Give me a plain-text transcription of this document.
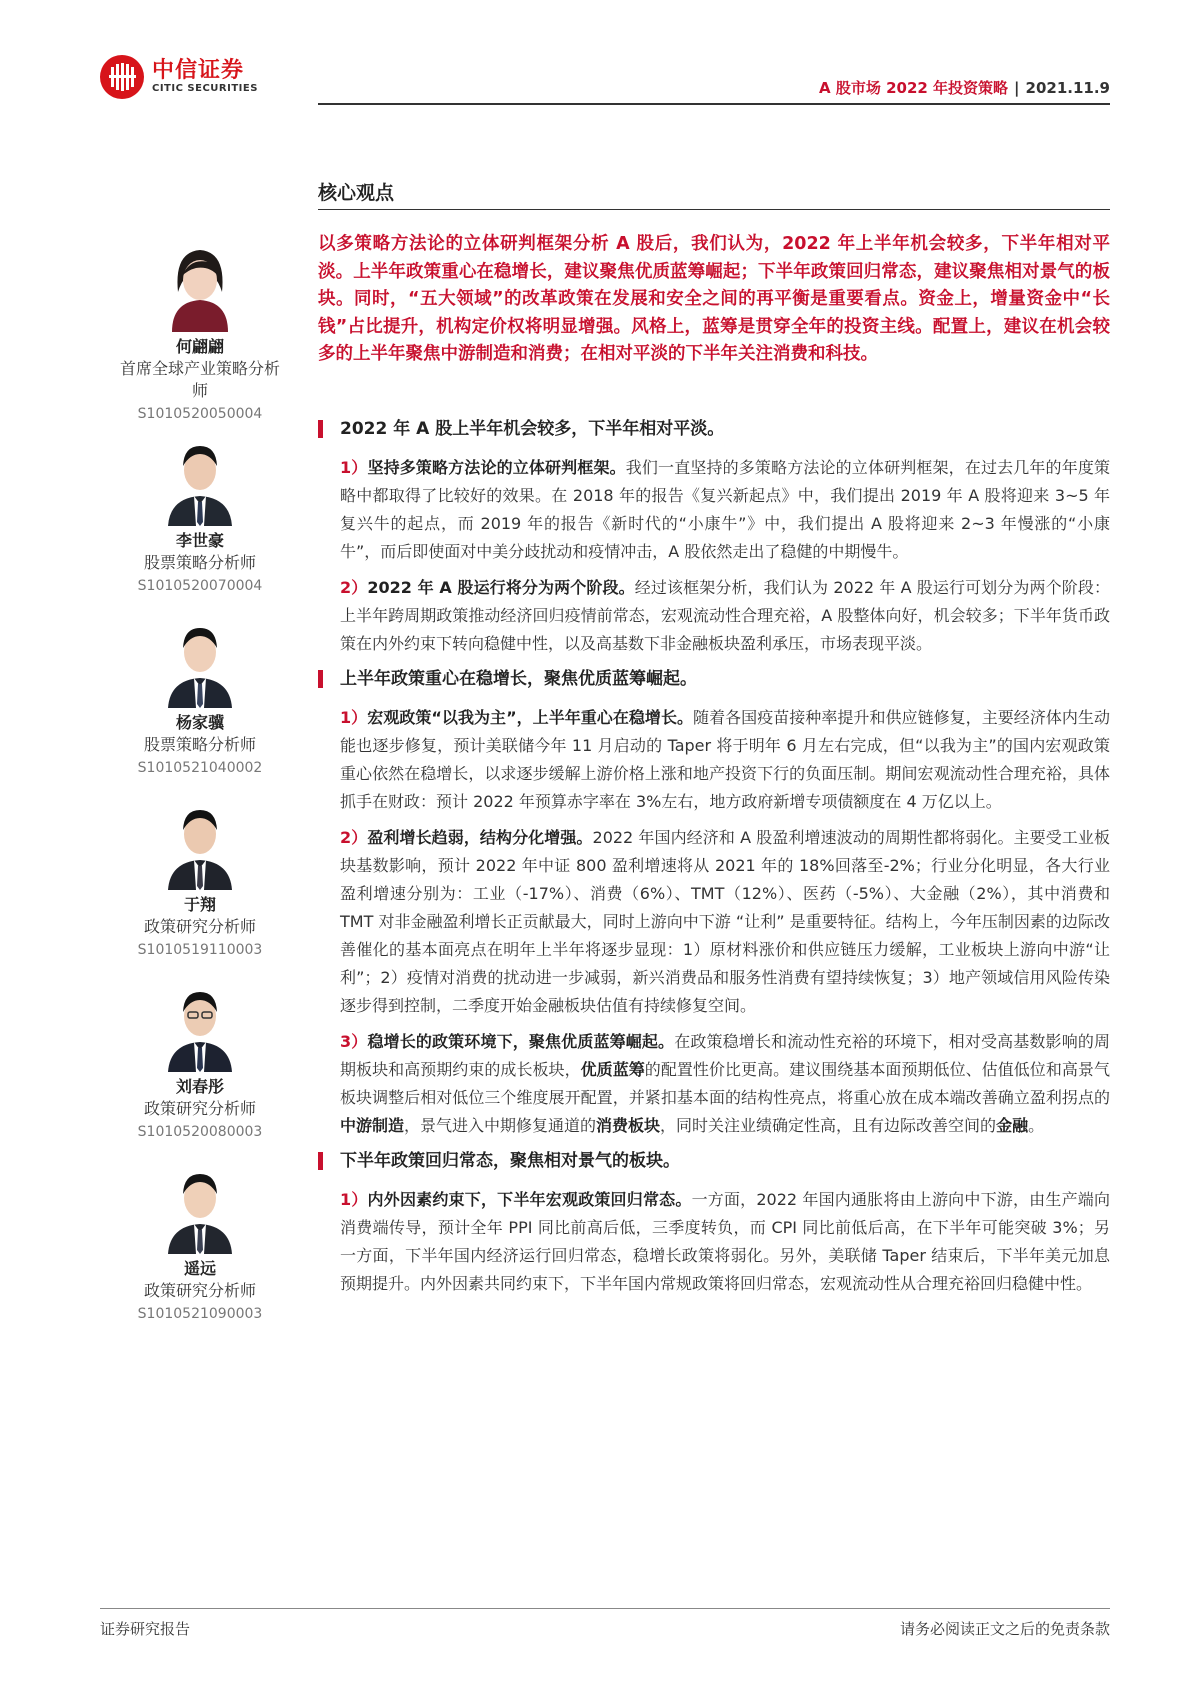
中信证券
CITIC SECURITIES	A 股市场 2022 年投资策略 | 2021.11.9
核心观点
以多策略方法论的立体研判框架分析 A 股后，我们认为，2022 年上半年机会较多，下半年相对平淡。上半年政策重心在稳增长，建议聚焦优质蓝筹崛起；下半年政策回归常态，建议聚焦相对景气的板块。同时，“五大领域”的改革政策在发展和安全之间的再平衡是重要看点。资金上，增量资金中“长钱”占比提升，机构定价权将明显增强。风格上，蓝筹是贯穿全年的投资主线。配置上，建议在机会较多的上半年聚焦中游制造和消费；在相对平淡的下半年关注消费和科技。
2022 年 A 股上半年机会较多，下半年相对平淡。

1）坚持多策略方法论的立体研判框架。我们一直坚持的多策略方法论的立体研判框架，在过去几年的年度策略中都取得了比较好的效果。在 2018 年的报告《复兴新起点》中，我们提出 2019 年 A 股将迎来 3~5 年复兴牛的起点，而 2019 年的报告《新时代的“小康牛”》中，我们提出 A 股将迎来 2~3 年慢涨的“小康牛”，而后即使面对中美分歧扰动和疫情冲击，A 股依然走出了稳健的中期慢牛。

2）2022 年 A 股运行将分为两个阶段。经过该框架分析，我们认为 2022 年 A 股运行可划分为两个阶段：上半年跨周期政策推动经济回归疫情前常态，宏观流动性合理充裕，A 股整体向好，机会较多；下半年货币政策在内外约束下转向稳健中性，以及高基数下非金融板块盈利承压，市场表现平淡。

上半年政策重心在稳增长，聚焦优质蓝筹崛起。

1）宏观政策“以我为主”，上半年重心在稳增长。随着各国疫苗接种率提升和供应链修复，主要经济体内生动能也逐步修复，预计美联储今年 11 月启动的 Taper 将于明年 6 月左右完成，但“以我为主”的国内宏观政策重心依然在稳增长，以求逐步缓解上游价格上涨和地产投资下行的负面压制。期间宏观流动性合理充裕，具体抓手在财政：预计 2022 年预算赤字率在 3%左右，地方政府新增专项债额度在 4 万亿以上。

2）盈利增长趋弱，结构分化增强。2022 年国内经济和 A 股盈利增速波动的周期性都将弱化。主要受工业板块基数影响，预计 2022 年中证 800 盈利增速将从 2021 年的 18%回落至-2%；行业分化明显，各大行业盈利增速分别为：工业（-17%）、消费（6%）、TMT（12%）、医药（-5%）、大金融（2%），其中消费和 TMT 对非金融盈利增长正贡献最大，同时上游向中下游 “让利” 是重要特征。结构上，今年压制因素的边际改善催化的基本面亮点在明年上半年将逐步显现：1）原材料涨价和供应链压力缓解，工业板块上游向中游“让利”；2）疫情对消费的扰动进一步减弱，新兴消费品和服务性消费有望持续恢复；3）地产领域信用风险传染逐步得到控制，二季度开始金融板块估值有持续修复空间。

3）稳增长的政策环境下，聚焦优质蓝筹崛起。在政策稳增长和流动性充裕的环境下，相对受高基数影响的周期板块和高预期约束的成长板块，优质蓝筹的配置性价比更高。建议围绕基本面预期低位、估值低位和高景气板块调整后相对低位三个维度展开配置，并紧扣基本面的结构性亮点，将重心放在成本端改善确立盈利拐点的中游制造，景气进入中期修复通道的消费板块，同时关注业绩确定性高，且有边际改善空间的金融。

下半年政策回归常态，聚焦相对景气的板块。

1）内外因素约束下，下半年宏观政策回归常态。一方面，2022 年国内通胀将由上游向中下游，由生产端向消费端传导，预计全年 PPI 同比前高后低，三季度转负，而 CPI 同比前低后高，在下半年可能突破 3%；另一方面，下半年国内经济运行回归常态，稳增长政策将弱化。另外，美联储 Taper 结束后，下半年美元加息预期提升。内外因素共同约束下，下半年国内常规政策将回归常态，宏观流动性从合理充裕回归稳健中性。

何翩翩
首席全球产业策略分析师
S1010520050004
李世豪
股票策略分析师
S1010520070004
杨家骥
股票策略分析师
S1010521040002
于翔
政策研究分析师
S1010519110003
刘春彤
政策研究分析师
S1010520080003
遥远
政策研究分析师
S1010521090003
证券研究报告	请务必阅读正文之后的免责条款
